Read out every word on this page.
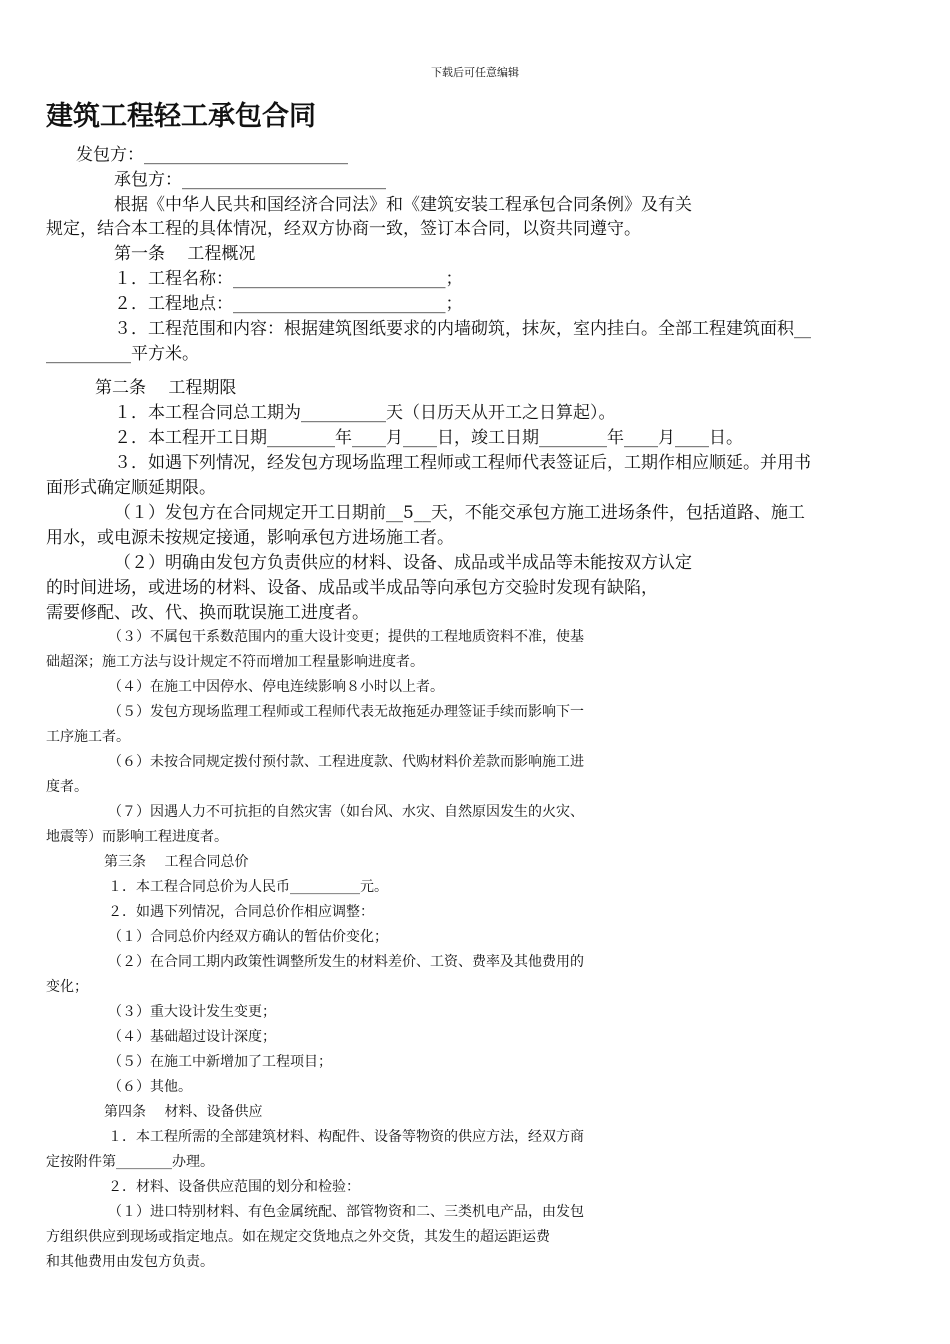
下载后可任意编辑
建筑工程轻工承包合同
发包方：________________________
承包方：________________________
根据《中华人民共和国经济合同法》和《建筑安装工程承包合同条例》及有关
规定，结合本工程的具体情况，经双方协商一致，签订本合同，以资共同遵守。
第一条　 工程概况
１．工程名称：_________________________；
２．工程地点：_________________________；
３．工程范围和内容：根据建筑图纸要求的内墙砌筑，抹灰，室内挂白。全部工程建筑面积__
__________平方米。
第二条　 工程期限
１．本工程合同总工期为__________天（日历天从开工之日算起）。
２．本工程开工日期________年____月____日，竣工日期________年____月____日。
３．如遇下列情况，经发包方现场监理工程师或工程师代表签证后，工期作相应顺延。并用书
面形式确定顺延期限。
（１）发包方在合同规定开工日期前__5__天，不能交承包方施工进场条件，包括道路、施工
用水，或电源未按规定接通，影响承包方进场施工者。
（２）明确由发包方负责供应的材料、设备、成品或半成品等未能按双方认定
的时间进场，或进场的材料、设备、成品或半成品等向承包方交验时发现有缺陷，
需要修配、改、代、换而耽误施工进度者。
（３）不属包干系数范围内的重大设计变更；提供的工程地质资料不准，使基
础超深；施工方法与设计规定不符而增加工程量影响进度者。
（４）在施工中因停水、停电连续影响８小时以上者。
（５）发包方现场监理工程师或工程师代表无故拖延办理签证手续而影响下一
工序施工者。
（６）未按合同规定拨付预付款、工程进度款、代购材料价差款而影响施工进
度者。
（７）因遇人力不可抗拒的自然灾害（如台风、水灾、自然原因发生的火灾、
地震等）而影响工程进度者。
第三条　 工程合同总价
１．本工程合同总价为人民币__________元。
２．如遇下列情况，合同总价作相应调整：
（１）合同总价内经双方确认的暂估价变化；
（２）在合同工期内政策性调整所发生的材料差价、工资、费率及其他费用的
变化；
（３）重大设计发生变更；
（４）基础超过设计深度；
（５）在施工中新增加了工程项目；
（６）其他。
第四条　 材料、设备供应
１．本工程所需的全部建筑材料、构配件、设备等物资的供应方法，经双方商
定按附件第________办理。
２．材料、设备供应范围的划分和检验：
（１）进口特别材料、有色金属统配、部管物资和二、三类机电产品，由发包
方组织供应到现场或指定地点。如在规定交货地点之外交货，其发生的超运距运费
和其他费用由发包方负责。
